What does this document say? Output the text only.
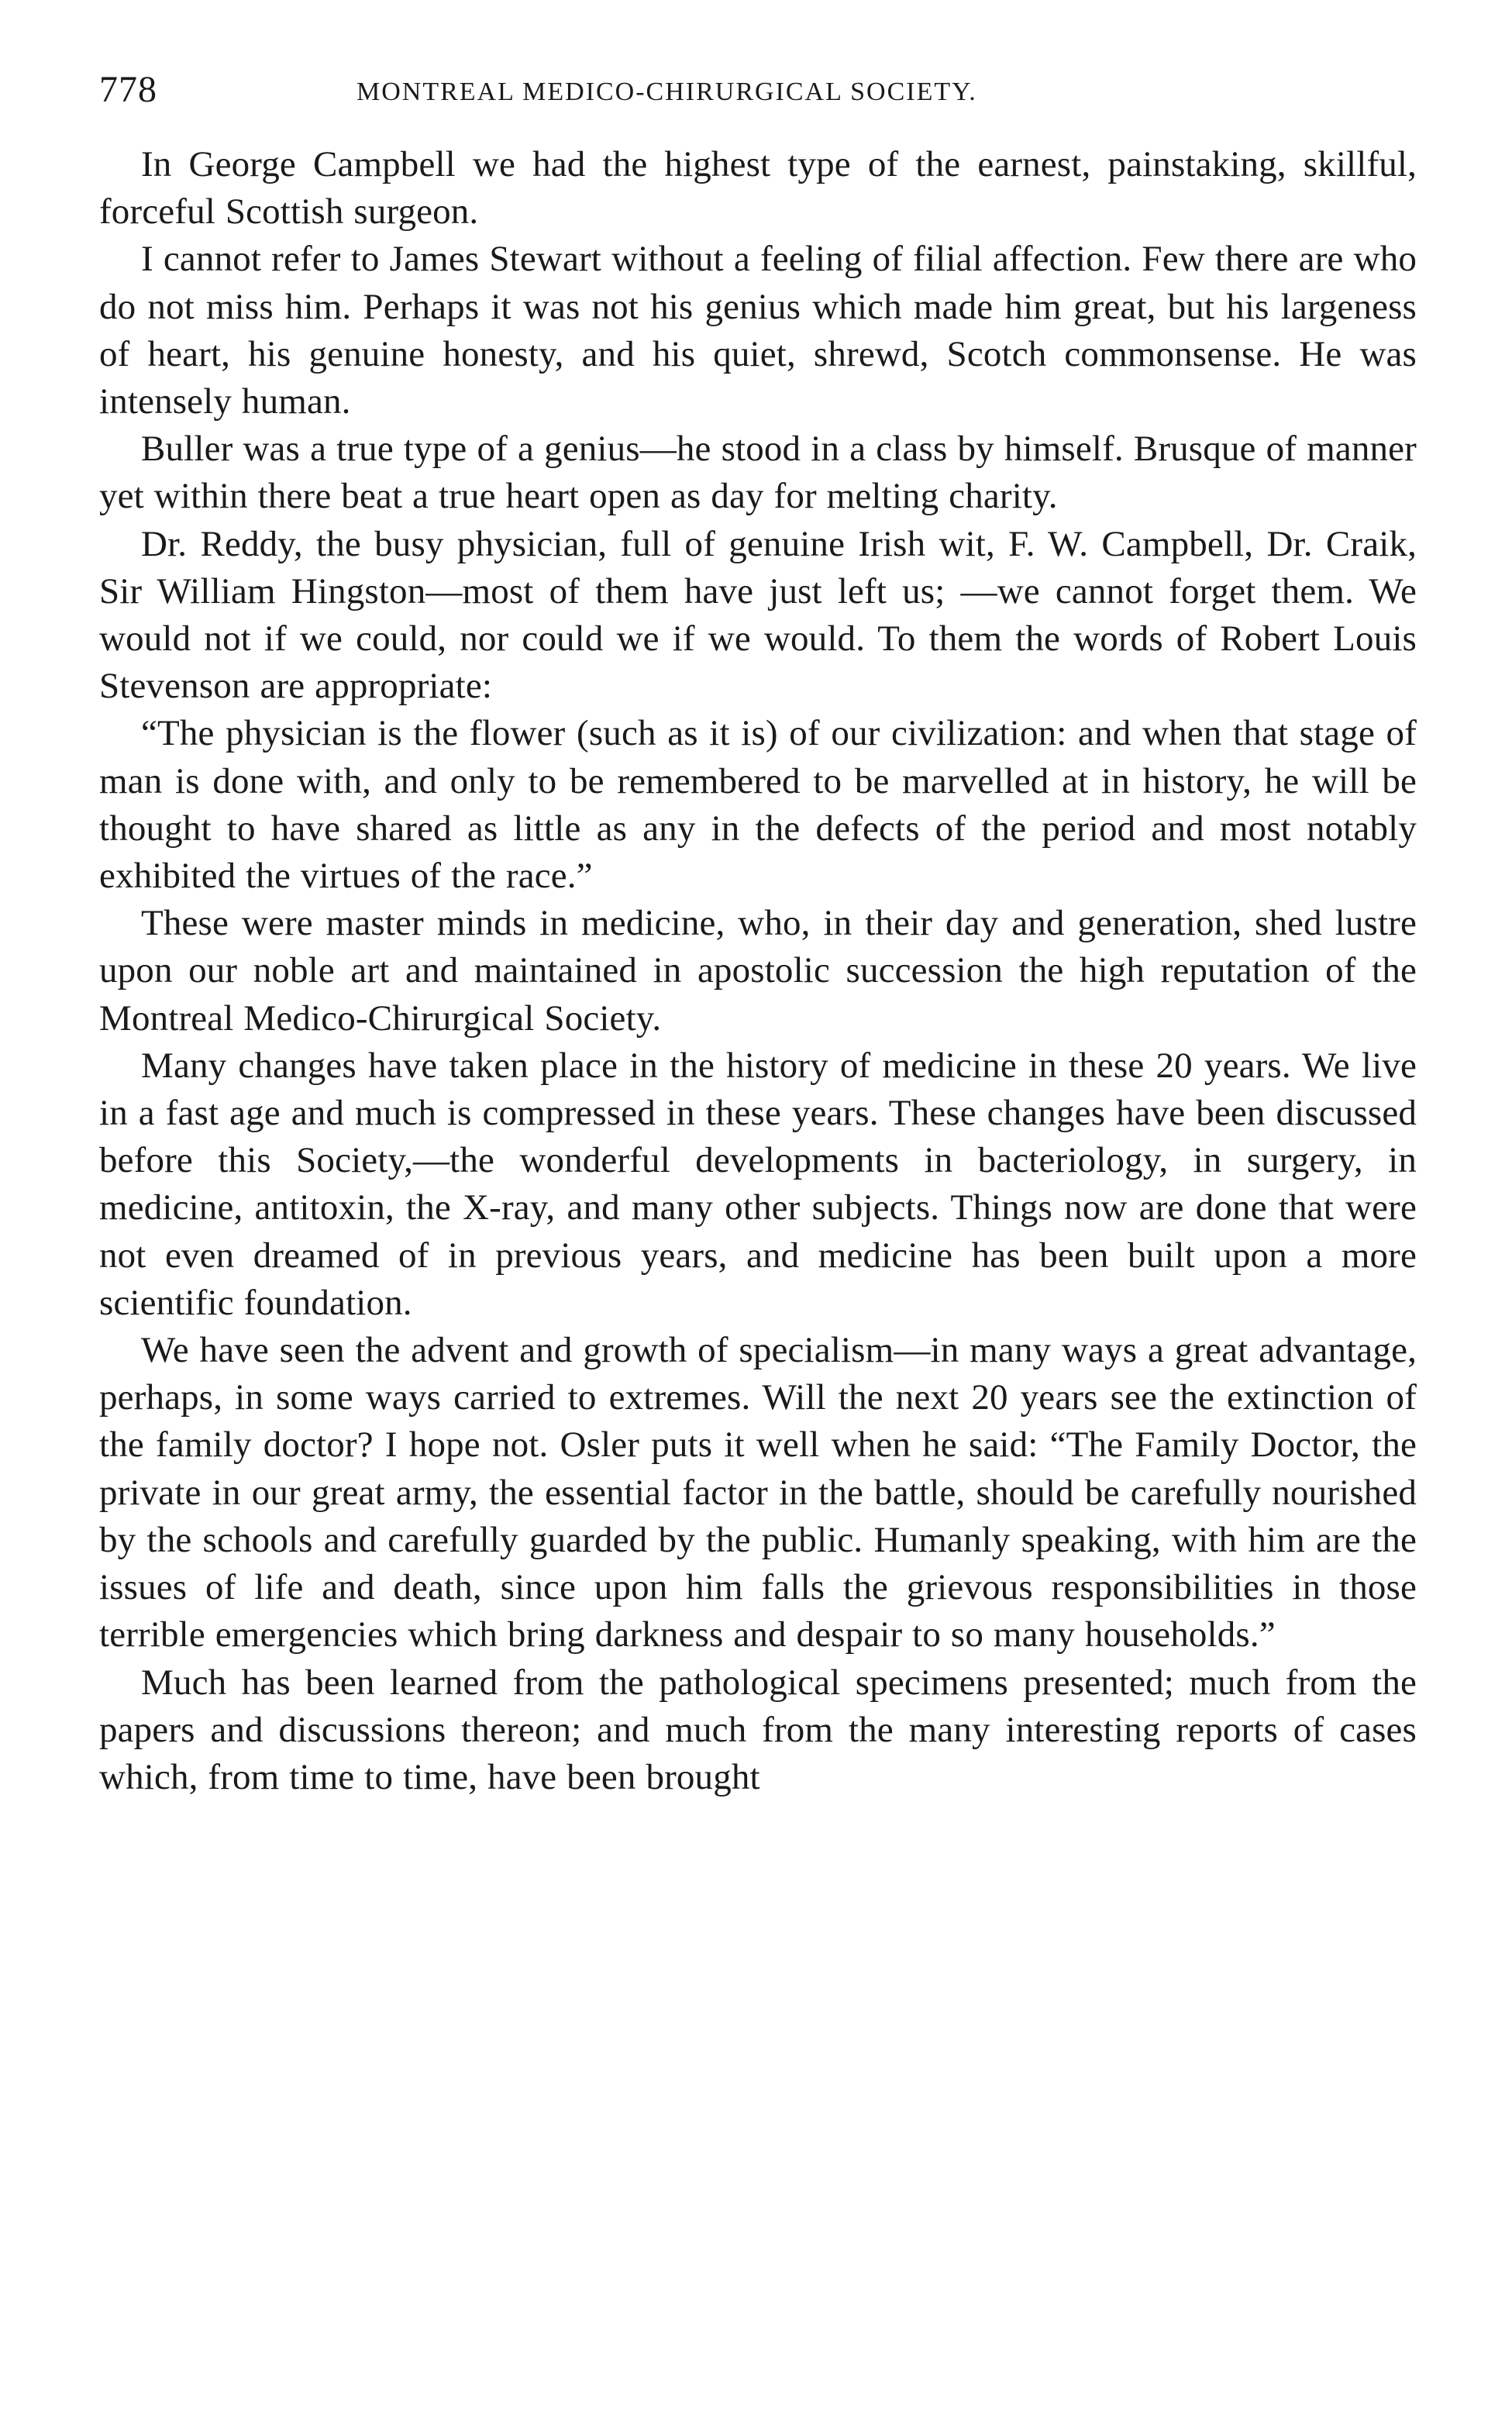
778	MONTREAL MEDICO-CHIRURGICAL SOCIETY.

In George Campbell we had the highest type of the earnest, painstaking, skillful, forceful Scottish surgeon.

I cannot refer to James Stewart without a feeling of filial affection. Few there are who do not miss him. Perhaps it was not his genius which made him great, but his largeness of heart, his genuine honesty, and his quiet, shrewd, Scotch commonsense. He was intensely human.

Buller was a true type of a genius—he stood in a class by himself. Brusque of manner yet within there beat a true heart open as day for melting charity.

Dr. Reddy, the busy physician, full of genuine Irish wit, F. W. Campbell, Dr. Craik, Sir William Hingston—most of them have just left us; —we cannot forget them. We would not if we could, nor could we if we would. To them the words of Robert Louis Stevenson are appropriate:

“The physician is the flower (such as it is) of our civilization: and when that stage of man is done with, and only to be remembered to be marvelled at in history, he will be thought to have shared as little as any in the defects of the period and most notably exhibited the virtues of the race.”

These were master minds in medicine, who, in their day and generation, shed lustre upon our noble art and maintained in apostolic succession the high reputation of the Montreal Medico-Chirurgical Society.

Many changes have taken place in the history of medicine in these 20 years. We live in a fast age and much is compressed in these years. These changes have been discussed before this Society,—the wonderful developments in bacteriology, in surgery, in medicine, antitoxin, the X-ray, and many other subjects. Things now are done that were not even dreamed of in previous years, and medicine has been built upon a more scientific foundation.

We have seen the advent and growth of specialism—in many ways a great advantage, perhaps, in some ways carried to extremes. Will the next 20 years see the extinction of the family doctor? I hope not. Osler puts it well when he said: “The Family Doctor, the private in our great army, the essential factor in the battle, should be carefully nourished by the schools and carefully guarded by the public. Humanly speaking, with him are the issues of life and death, since upon him falls the grievous responsibilities in those terrible emergencies which bring darkness and despair to so many households.”

Much has been learned from the pathological specimens presented; much from the papers and discussions thereon; and much from the many interesting reports of cases which, from time to time, have been brought
